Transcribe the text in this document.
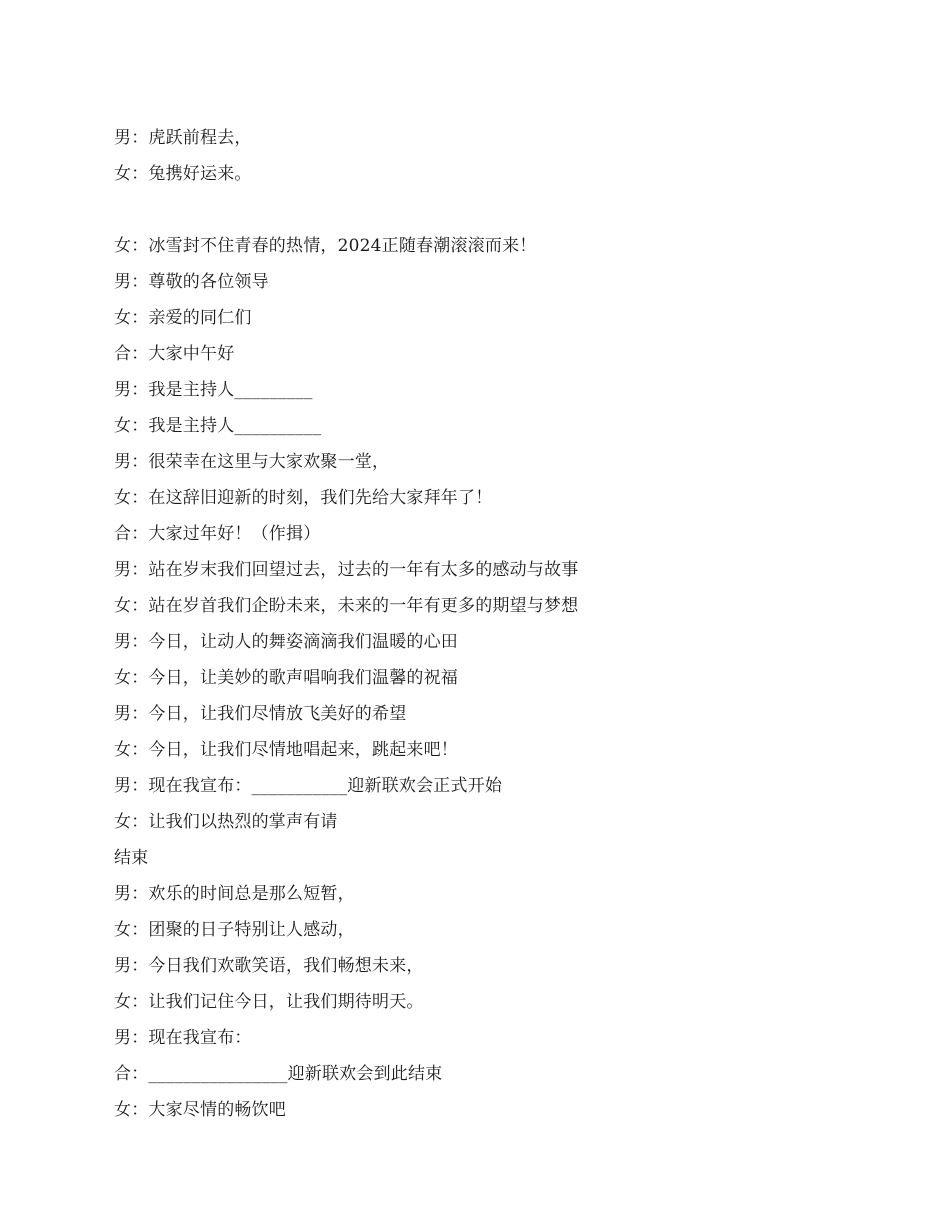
男：虎跃前程去，
女：兔携好运来。
女：冰雪封不住青春的热情，2024正随春潮滚滚而来！
男：尊敬的各位领导
女：亲爱的同仁们
合：大家中午好
男：我是主持人_________
女：我是主持人__________
男：很荣幸在这里与大家欢聚一堂，
女：在这辞旧迎新的时刻，我们先给大家拜年了！
合：大家过年好！（作揖）
男：站在岁末我们回望过去，过去的一年有太多的感动与故事
女：站在岁首我们企盼未来，未来的一年有更多的期望与梦想
男：今日，让动人的舞姿滴滴我们温暖的心田
女：今日，让美妙的歌声唱响我们温馨的祝福
男：今日，让我们尽情放飞美好的希望
女：今日，让我们尽情地唱起来，跳起来吧！
男：现在我宣布：___________迎新联欢会正式开始
女：让我们以热烈的掌声有请
结束
男：欢乐的时间总是那么短暂，
女：团聚的日子特别让人感动，
男：今日我们欢歌笑语，我们畅想未来，
女：让我们记住今日，让我们期待明天。
男：现在我宣布：
合：________________迎新联欢会到此结束
女：大家尽情的畅饮吧
